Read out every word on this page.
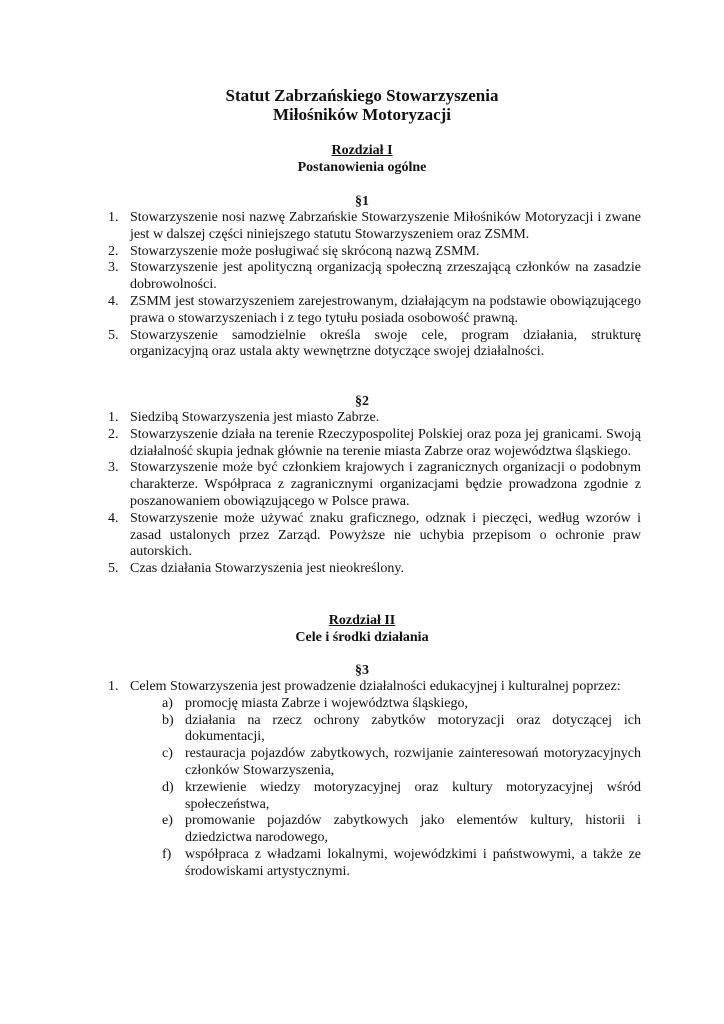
Statut Zabrzańskiego Stowarzyszenia
Miłośników Motoryzacji
Rozdział I
Postanowienia ogólne
§1
1. Stowarzyszenie nosi nazwę Zabrzańskie Stowarzyszenie Miłośników Motoryzacji i zwane jest w dalszej części niniejszego statutu Stowarzyszeniem oraz ZSMM.
2. Stowarzyszenie może posługiwać się skróconą nazwą ZSMM.
3. Stowarzyszenie jest apolityczną organizacją społeczną zrzeszającą członków na zasadzie dobrowolności.
4. ZSMM jest stowarzyszeniem zarejestrowanym, działającym na podstawie obowiązującego prawa o stowarzyszeniach i z tego tytułu posiada osobowość prawną.
5. Stowarzyszenie samodzielnie określa swoje cele, program działania, strukturę organizacyjną oraz ustala akty wewnętrzne dotyczące swojej działalności.
§2
1. Siedzibą Stowarzyszenia jest miasto Zabrze.
2. Stowarzyszenie działa na terenie Rzeczypospolitej Polskiej oraz poza jej granicami. Swoją działalność skupia jednak głównie na terenie miasta Zabrze oraz województwa śląskiego.
3. Stowarzyszenie może być członkiem krajowych i zagranicznych organizacji o podobnym charakterze. Współpraca z zagranicznymi organizacjami będzie prowadzona zgodnie z poszanowaniem obowiązującego w Polsce prawa.
4. Stowarzyszenie może używać znaku graficznego, odznak i pieczęci, według wzorów i zasad ustalonych przez Zarząd. Powyższe nie uchybia przepisom o ochronie praw autorskich.
5. Czas działania Stowarzyszenia jest nieokreślony.
Rozdział II
Cele i środki działania
§3
1. Celem Stowarzyszenia jest prowadzenie działalności edukacyjnej i kulturalnej poprzez:
a) promocję miasta Zabrze i województwa śląskiego,
b) działania na rzecz ochrony zabytków motoryzacji oraz dotyczącej ich dokumentacji,
c) restauracja pojazdów zabytkowych, rozwijanie zainteresowań motoryzacyjnych członków Stowarzyszenia,
d) krzewienie wiedzy motoryzacyjnej oraz kultury motoryzacyjnej wśród społeczeństwa,
e) promowanie pojazdów zabytkowych jako elementów kultury, historii i dziedzictwa narodowego,
f) współpraca z władzami lokalnymi, wojewódzkimi i państwowymi, a także ze środowiskami artystycznymi.
